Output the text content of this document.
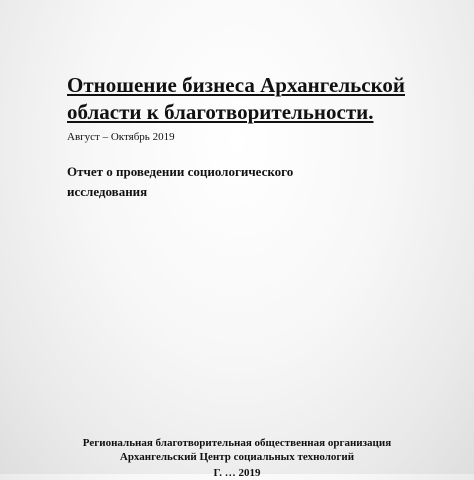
Отношение бизнеса Архангельской
области к благотворительности.
Август – Октябрь 2019
Отчет о проведении социологического
исследования
Региональная благотворительная общественная организация
Архангельский Центр социальных технологий
Г. … 2019
